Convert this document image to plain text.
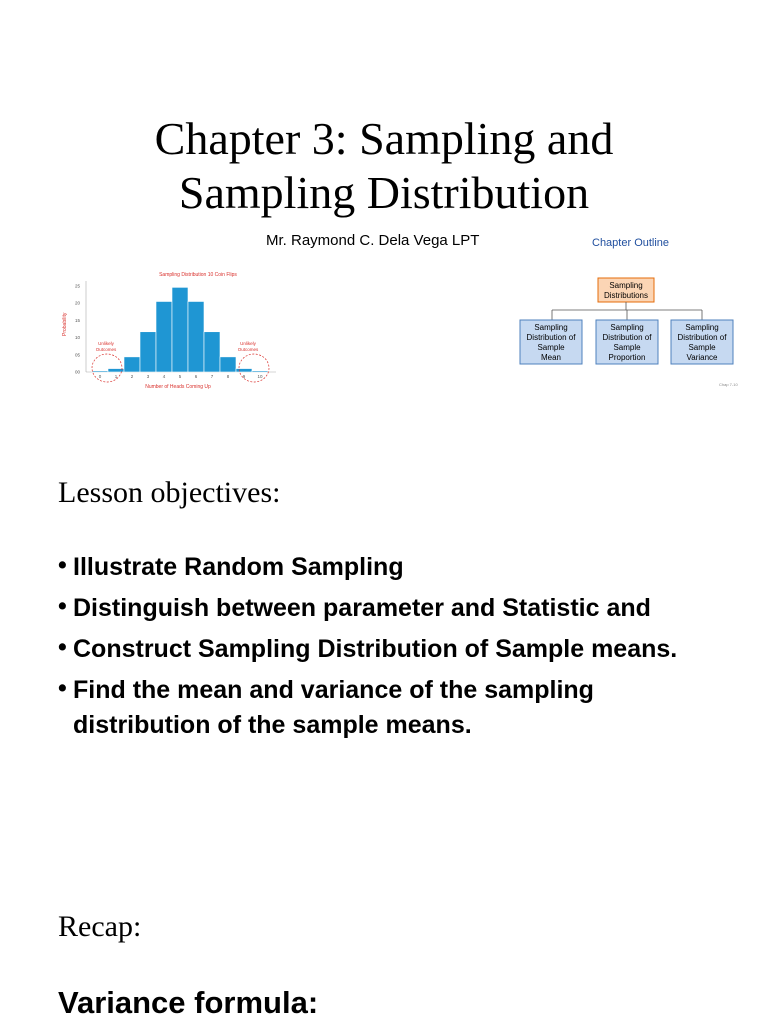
Chapter 3: Sampling and
Sampling Distribution
Mr. Raymond C. Dela Vega LPT
Sampling Distribution 10 Coin Flips
Probability
Number of Heads Coming Up
25
20
15
10
05
00
0	1	2	3	4	5	6	7	8	9	10
Unlikely
Outcomes
Unlikely
Outcomes
Chapter Outline
Sampling
Distributions
Sampling
Distribution of
Sample
Mean
Sampling
Distribution of
Sample
Proportion
Sampling
Distribution of
Sample
Variance
Chap 7-10
Lesson objectives:
• Illustrate Random Sampling
• Distinguish between parameter and Statistic and
• Construct Sampling Distribution of Sample means.
• Find the mean and variance of the sampling distribution of the sample means.
Recap:
Variance formula:
